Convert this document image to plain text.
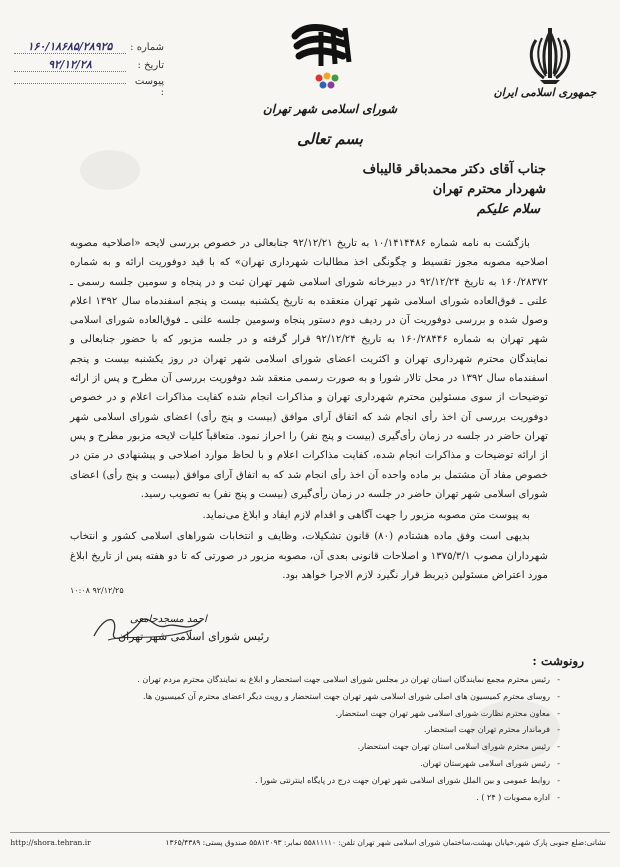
جمهوری اسلامی ایران
شورای اسلامی شهر تهران
بسم تعالی
شماره :
۱۶۰/۱۸۶۸۵/۲۸۹۲۵
تاریخ :
۹۲/۱۲/۲۸
پیوست :
جناب آقای دکتر محمدباقر قالیباف
شهردار محترم تهران
سلام علیکم

بازگشت به نامه شماره ۱۰/۱۴۱۴۴۸۶ به تاریخ ۹۲/۱۲/۲۱ جنابعالی در خصوص بررسی لایحه «اصلاحیه مصوبه اصلاحیه مصوبه مجوز تقسیط و چگونگی اخذ مطالبات شهرداری تهران» که با قید دوفوریت ارائه و به شماره ۱۶۰/۲۸۳۷۲ به تاریخ ۹۲/۱۲/۲۴ در دبیرخانه شورای اسلامی شهر تهران ثبت و در پنجاه و سومین جلسه رسمی ـ علنی ـ فوق‌العاده شورای اسلامی شهر تهران منعقده به تاریخ یکشنبه بیست و پنجم اسفندماه سال ۱۳۹۲ اعلام وصول شده و بررسی دوفوریت آن در ردیف دوم دستور پنجاه وسومین جلسه علنی ـ فوق‌العاده شورای اسلامی شهر تهران به شماره ۱۶۰/۲۸۴۴۶ به تاریخ ۹۲/۱۲/۲۴ قرار گرفته و در جلسه مزبور که با حضور جنابعالی و نمایندگان محترم شهرداری تهران و اکثریت اعضای شورای اسلامی شهر تهران در روز یکشنبه بیست و پنجم اسفندماه سال ۱۳۹۲ در محل تالار شورا و به صورت رسمی منعقد شد دوفوریت بررسی آن مطرح و پس از ارائه توضیحات از سوی مسئولین محترم شهرداری تهران و مذاکرات انجام شده کفایت مذاکرات اعلام و در خصوص دوفوریت بررسی آن اخذ رأی انجام شد که اتفاق آرای موافق (بیست و پنج رأی) اعضای شورای اسلامی شهر تهران حاضر در جلسه در زمان رأی‌گیری (بیست و پنج نفر) را احراز نمود. متعاقباً کلیات لایحه مزبور مطرح و پس از ارائه توضیحات و مذاکرات انجام شده، کفایت مذاکرات اعلام و با لحاظ موارد اصلاحی و پیشنهادی در متن در خصوص مفاد آن مشتمل بر ماده واحده آن اخذ رأی انجام شد که به اتفاق آرای موافق (بیست و پنج رأی) اعضای شورای اسلامی شهر تهران حاضر در جلسه در زمان رأی‌گیری (بیست و پنج نفر) به تصویب رسید.

به پیوست متن مصوبه مزبور را جهت آگاهی و اقدام لازم ایفاد و ابلاغ می‌نماید.

بدیهی است وفق ماده هشتادم (۸۰) قانون تشکیلات، وظایف و انتخابات شوراهای اسلامی کشور و انتخاب شهرداران مصوب ۱۳۷۵/۳/۱ و اصلاحات قانونی بعدی آن، مصوبه مزبور در صورتی که تا دو هفته پس از تاریخ ابلاغ مورد اعتراض مسئولین ذیربط قرار نگیرد لازم الاجرا خواهد بود.

۹۲/۱۲/۲۵ ۱۰:۰۸

احمد مسجدجامعی
رئیس شورای اسلامی شهر تهران
رونوشت :
- رئیس محترم مجمع نمایندگان استان تهران در مجلس شورای اسلامی جهت استحضار و ابلاغ به نمایندگان محترم مردم تهران .
- روسای محترم کمیسیون های اصلی شورای اسلامی شهر تهران جهت استحضار و رویت دیگر اعضای محترم آن کمیسیون ها.
- معاون محترم نظارت شورای اسلامی شهر تهران جهت استحضار.
- فرماندار محترم تهران جهت استحضار.
- رئیس محترم شورای اسلامی استان تهران جهت استحضار.
- رئیس شورای اسلامی شهرستان تهران.
- روابط عمومی و بین الملل شورای اسلامی شهر تهران جهت درج در پایگاه اینترنتی شورا .
- اداره مصوبات ( ۲۴ ) .
نشانی:ضلع جنوبی پارک شهر،خیابان بهشت،ساختمان شورای اسلامی شهر تهران تلفن: ۵۵۸۱۱۱۱۰ نمابر: ۵۵۸۱۲۰۹۳ صندوق پستی: ۱۳۶۵/۴۳۸۹  http://shora.tehran.ir
